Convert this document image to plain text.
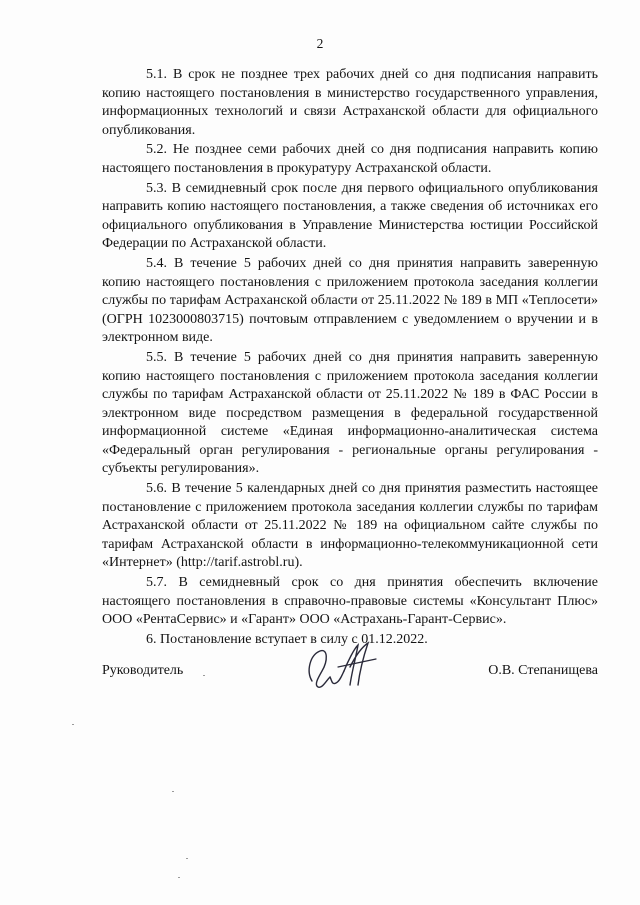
2

5.1. В срок не позднее трех рабочих дней со дня подписания направить копию настоящего постановления в министерство государственного управления, информационных технологий и связи Астраханской области для официального опубликования.

5.2. Не позднее семи рабочих дней со дня подписания направить копию настоящего постановления в прокуратуру Астраханской области.

5.3. В семидневный срок после дня первого официального опубликования направить копию настоящего постановления, а также сведения об источниках его официального опубликования в Управление Министерства юстиции Российской Федерации по Астраханской области.

5.4. В течение 5 рабочих дней со дня принятия направить заверенную копию настоящего постановления с приложением протокола заседания коллегии службы по тарифам Астраханской области от 25.11.2022 № 189 в МП «Теплосети» (ОГРН 1023000803715) почтовым отправлением с уведомлением о вручении и в электронном виде.

5.5. В течение 5 рабочих дней со дня принятия направить заверенную копию настоящего постановления с приложением протокола заседания коллегии службы по тарифам Астраханской области от 25.11.2022 № 189 в ФАС России в электронном виде посредством размещения в федеральной государственной информационной системе «Единая информационно-аналитическая система «Федеральный орган регулирования - региональные органы регулирования - субъекты регулирования».

5.6. В течение 5 календарных дней со дня принятия разместить настоящее постановление с приложением протокола заседания коллегии службы по тарифам Астраханской области от 25.11.2022 № 189 на официальном сайте службы по тарифам Астраханской области в информационно-телекоммуникационной сети «Интернет» (http://tarif.astrobl.ru).

5.7. В семидневный срок со дня принятия обеспечить включение настоящего постановления в справочно-правовые системы «Консультант Плюс» ООО «РентаСервис» и «Гарант» ООО «Астрахань-Гарант-Сервис».

6. Постановление вступает в силу с 01.12.2022.

Руководитель	О.В. Степанищева
